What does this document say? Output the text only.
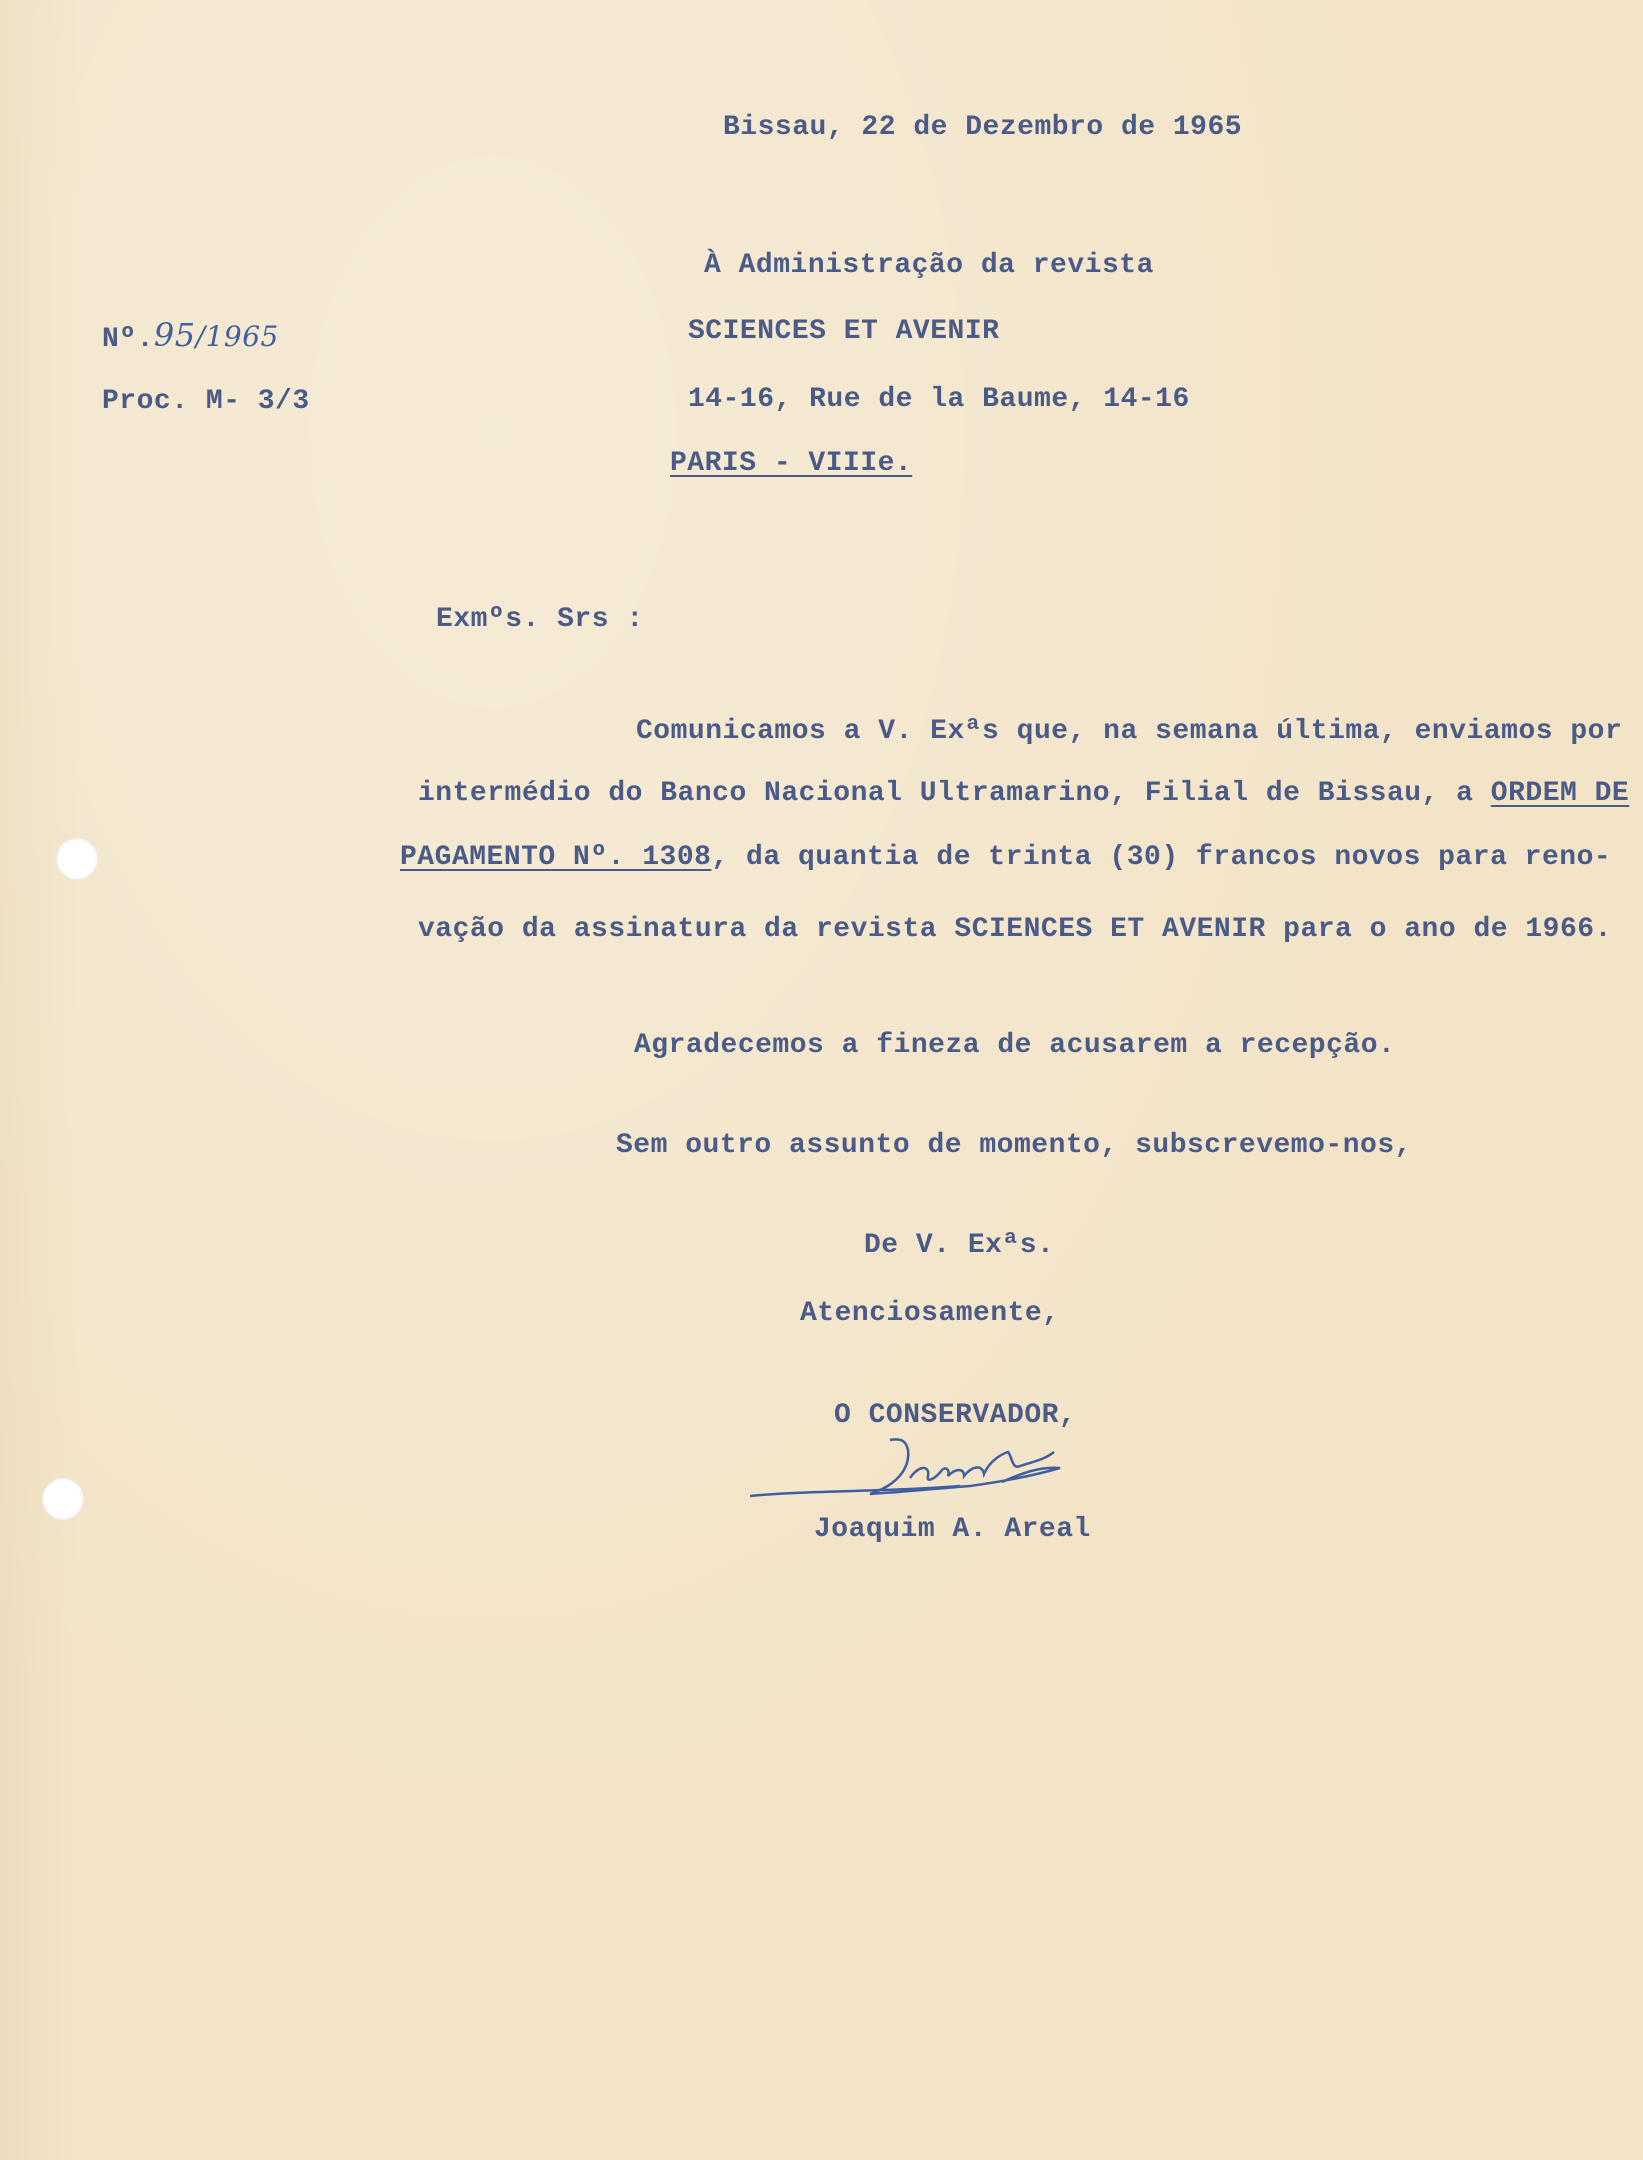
Bissau, 22 de Dezembro de 1965
Nº.95/1965
Proc. M- 3/3
À Administração da revista
SCIENCES ET AVENIR
14-16, Rue de la Baume, 14-16
PARIS - VIIIe.
Exmºs. Srs :
Comunicamos a V. Exªs que, na semana última, enviamos por
intermédio do Banco Nacional Ultramarino, Filial de Bissau, a ORDEM DE
PAGAMENTO Nº. 1308, da quantia de trinta (30) francos novos para reno-
vação da assinatura da revista SCIENCES ET AVENIR para o ano de 1966.
Agradecemos a fineza de acusarem a recepção.
Sem outro assunto de momento, subscrevemo-nos,
De V. Exªs.
Atenciosamente,
O CONSERVADOR,
Joaquim A. Areal
